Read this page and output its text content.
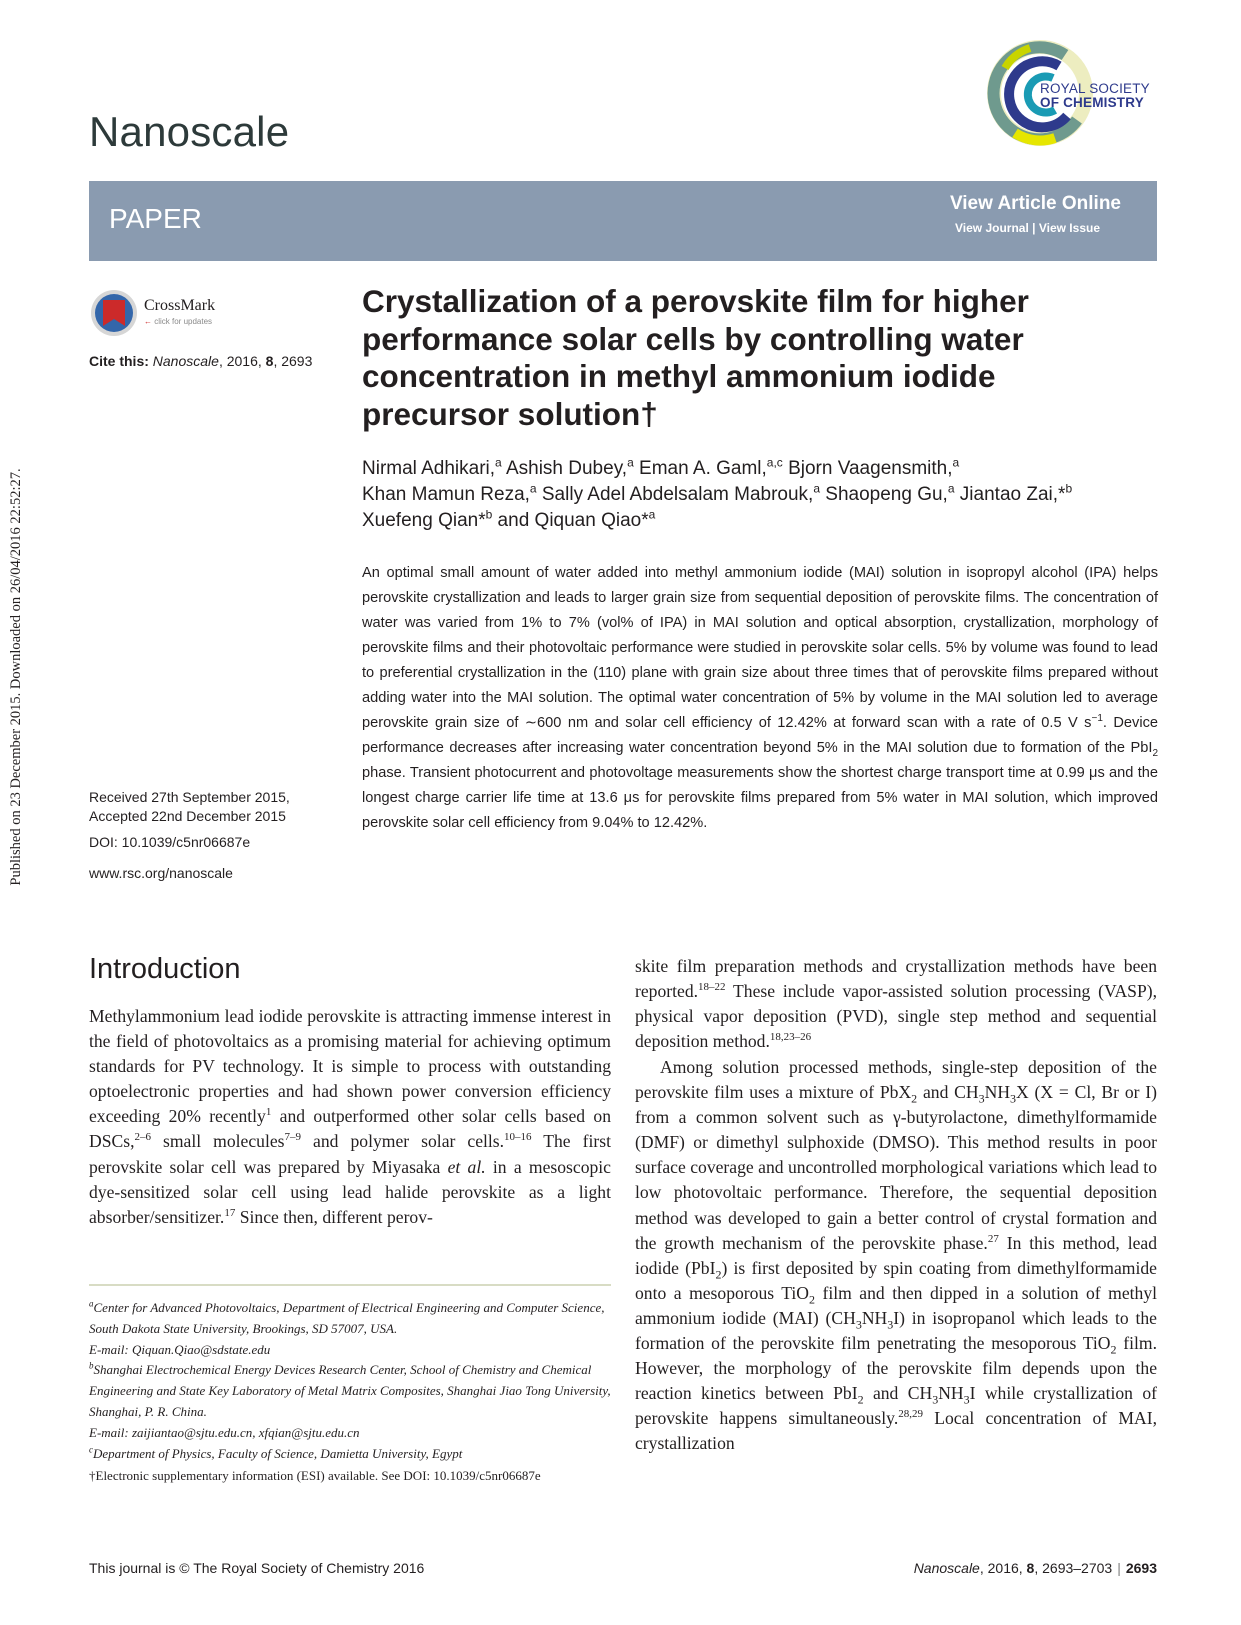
Published on 23 December 2015. Downloaded on 26/04/2016 22:52:27.
Nanoscale
ROYAL SOCIETY
OF CHEMISTRY
PAPER	View Article Online
View Journal | View Issue
CrossMark
← click for updates
Cite this: Nanoscale, 2016, 8, 2693
Received 27th September 2015,
Accepted 22nd December 2015
DOI: 10.1039/c5nr06687e
www.rsc.org/nanoscale
Crystallization of a perovskite film for higher performance solar cells by controlling water concentration in methyl ammonium iodide precursor solution†
Nirmal Adhikari,$^a$ Ashish Dubey,$^a$ Eman A. Gaml,$^{a,c}$ Bjorn Vaagensmith,$^a$
Khan Mamun Reza,$^a$ Sally Adel Abdelsalam Mabrouk,$^a$ Shaopeng Gu,$^a$ Jiantao Zai,*$^b$
Xuefeng Qian*$^b$ and Qiquan Qiao*$^a$

An optimal small amount of water added into methyl ammonium iodide (MAI) solution in isopropyl alcohol (IPA) helps perovskite crystallization and leads to larger grain size from sequential deposition of perovskite films. The concentration of water was varied from 1% to 7% (vol% of IPA) in MAI solution and optical absorption, crystallization, morphology of perovskite films and their photovoltaic performance were studied in perovskite solar cells. 5% by volume was found to lead to preferential crystallization in the (110) plane with grain size about three times that of perovskite films prepared without adding water into the MAI solution. The optimal water concentration of 5% by volume in the MAI solution led to average perovskite grain size of ∼600 nm and solar cell efficiency of 12.42% at forward scan with a rate of 0.5 V $s^{-1}$. Device performance decreases after increasing water concentration beyond 5% in the MAI solution due to formation of the PbI$_2$ phase. Transient photocurrent and photovoltage measurements show the shortest charge transport time at 0.99 μs and the longest charge carrier life time at 13.6 μs for perovskite films prepared from 5% water in MAI solution, which improved perovskite solar cell efficiency from 9.04% to 12.42%.

Introduction

Methylammonium lead iodide perovskite is attracting immense interest in the field of photovoltaics as a promising material for achieving optimum standards for PV technology. It is simple to process with outstanding optoelectronic properties and had shown power conversion efficiency exceeding 20% recently$^1$ and outperformed other solar cells based on DSCs,$^{2-6}$ small molecules$^{7-9}$ and polymer solar cells.$^{10-16}$ The first perovskite solar cell was prepared by Miyasaka et al. in a mesoscopic dye-sensitized solar cell using lead halide perovskite as a light absorber/sensitizer.$^{17}$ Since then, different perov-

skite film preparation methods and crystallization methods have been reported.$^{18-22}$ These include vapor-assisted solution processing (VASP), physical vapor deposition (PVD), single step method and sequential deposition method.$^{18,23-26}$

Among solution processed methods, single-step deposition of the perovskite film uses a mixture of PbX$_2$ and $CH_3NH_3X$ (X = Cl, Br or I) from a common solvent such as γ-butyrolactone, dimethylformamide (DMF) or dimethyl sulphoxide (DMSO). This method results in poor surface coverage and uncontrolled morphological variations which lead to low photovoltaic performance. Therefore, the sequential deposition method was developed to gain a better control of crystal formation and the growth mechanism of the perovskite phase.$^{27}$ In this method, lead iodide (PbI$_2$) is first deposited by spin coating from dimethylformamide onto a mesoporous TiO$_2$ film and then dipped in a solution of methyl ammonium iodide (MAI) $(CH_3NH_3I)$ in isopropanol which leads to the formation of the perovskite film penetrating the mesoporous TiO$_2$ film. However, the morphology of the perovskite film depends upon the reaction kinetics between PbI$_2$ and $CH_3NH_3I$ while crystallization of perovskite happens simultaneously.$^{28,29}$ Local concentration of MAI, crystallization

$^a$Center for Advanced Photovoltaics, Department of Electrical Engineering and Computer Science, South Dakota State University, Brookings, SD 57007, USA.
E-mail: Qiquan.Qiao@sdstate.edu
$^b$Shanghai Electrochemical Energy Devices Research Center, School of Chemistry and Chemical Engineering and State Key Laboratory of Metal Matrix Composites, Shanghai Jiao Tong University, Shanghai, P. R. China.
E-mail: zaijiantao@sjtu.edu.cn, xfqian@sjtu.edu.cn
$^c$Department of Physics, Faculty of Science, Damietta University, Egypt

†Electronic supplementary information (ESI) available. See DOI: 10.1039/c5nr06687e

This journal is © The Royal Society of Chemistry 2016	Nanoscale, 2016, 8, 2693–2703 | 2693
